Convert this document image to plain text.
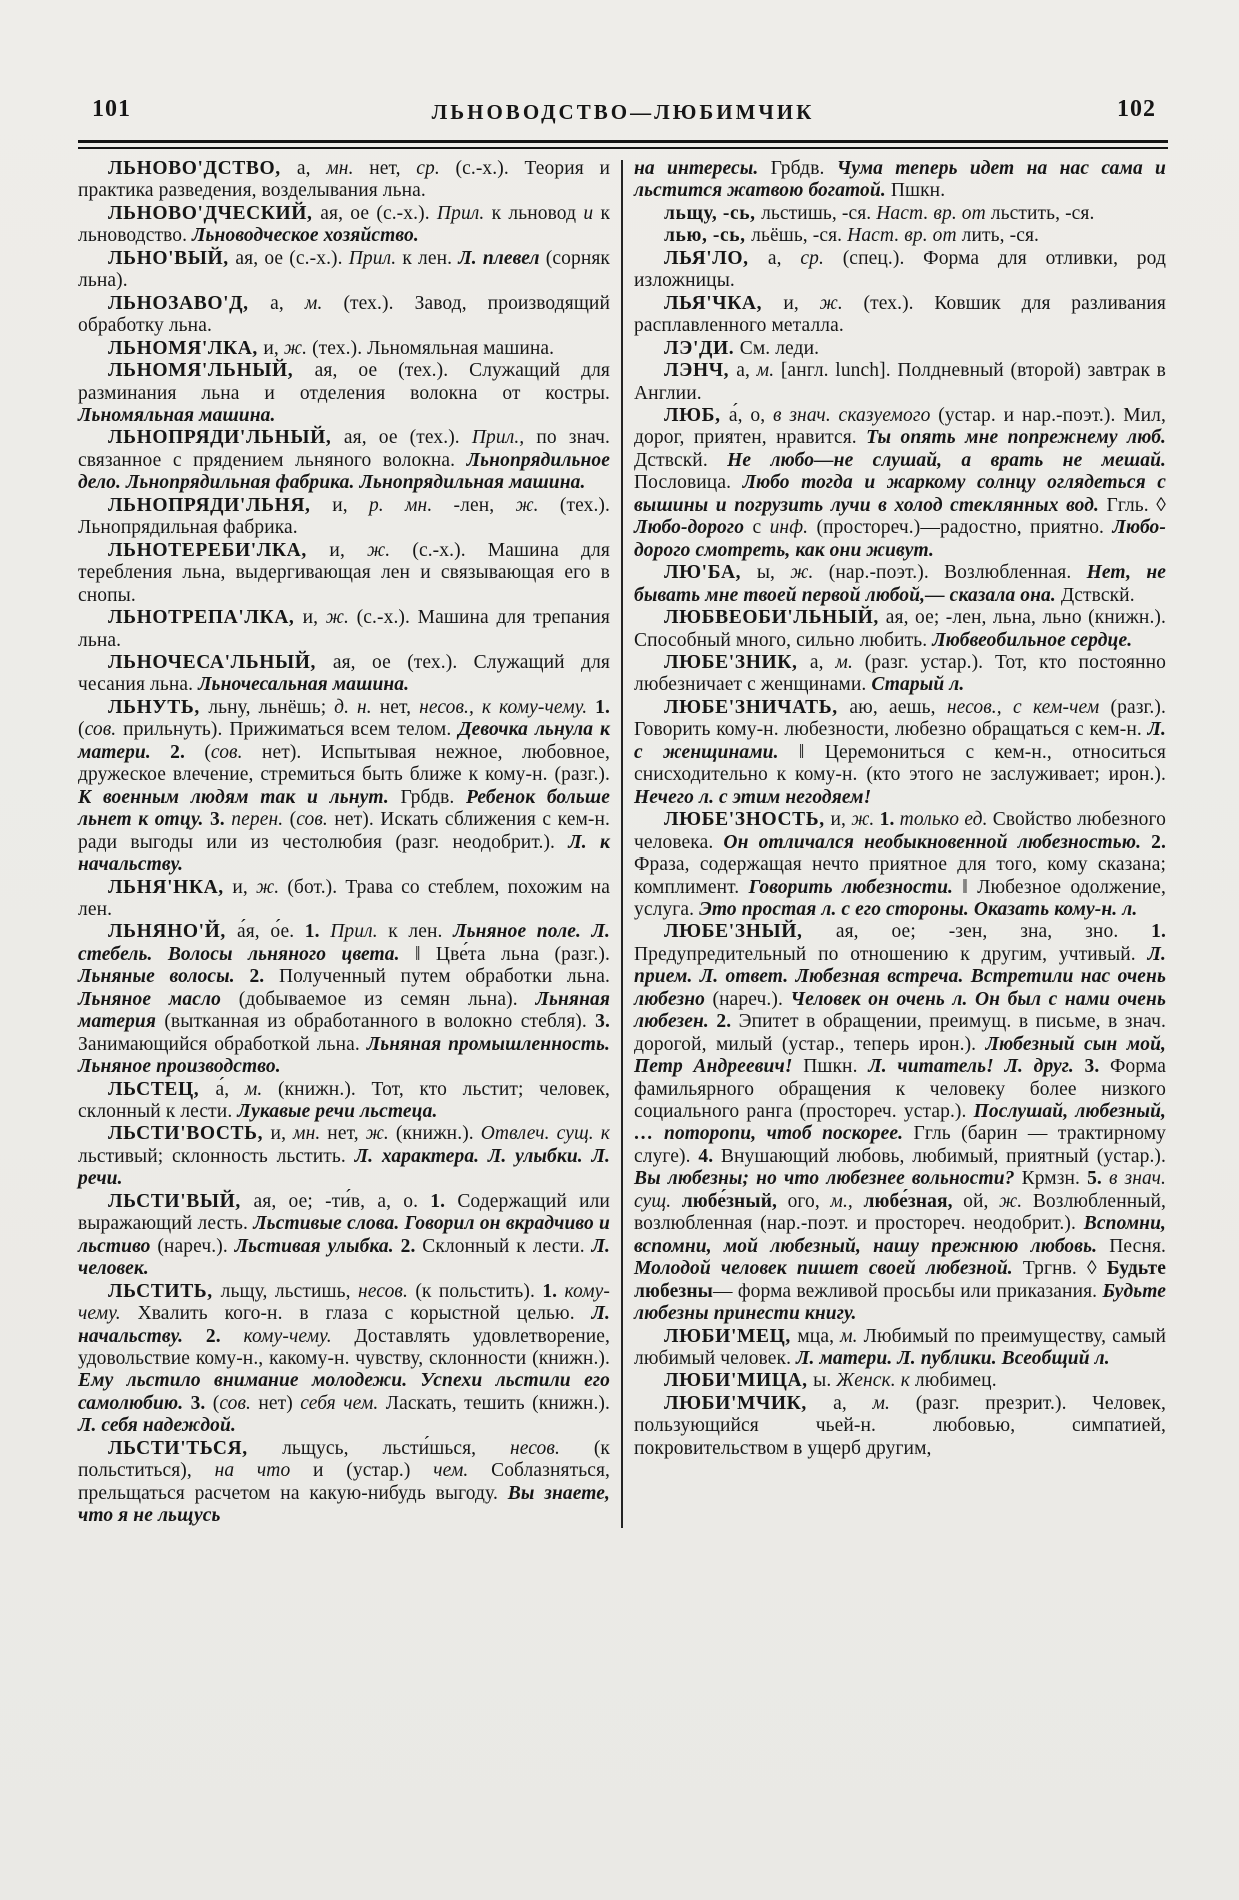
101	ЛЬНОВОДСТВО—ЛЮБИМЧИК	102

ЛЬНОВО'ДСТВО, а, мн. нет, ср. (с.-х.). Теория и практика разведения, возделывания льна.

ЛЬНОВО'ДЧЕСКИЙ, ая, ое (с.-х.). Прил. к льновод и к льноводство. Льноводческое хозяйство.

ЛЬНО'ВЫЙ, ая, ое (с.-х.). Прил. к лен. Л. плевел (сорняк льна).

ЛЬНОЗАВО'Д, а, м. (тех.). Завод, производящий обработку льна.

ЛЬНОМЯ'ЛКА, и, ж. (тех.). Льномяльная машина.

ЛЬНОМЯ'ЛЬНЫЙ, ая, ое (тех.). Служащий для разминания льна и отделения волокна от костры. Льномяльная машина.

ЛЬНОПРЯДИ'ЛЬНЫЙ, ая, ое (тех.). Прил., по знач. связанное с прядением льняного волокна. Льнопрядильное дело. Льнопрядильная фабрика. Льнопрядильная машина.

ЛЬНОПРЯДИ'ЛЬНЯ, и, р. мн. -лен, ж. (тех.). Льнопрядильная фабрика.

ЛЬНОТЕРЕБИ'ЛКА, и, ж. (с.-х.). Машина для теребления льна, выдергивающая лен и связывающая его в снопы.

ЛЬНОТРЕПА'ЛКА, и, ж. (с.-х.). Машина для трепания льна.

ЛЬНОЧЕСА'ЛЬНЫЙ, ая, ое (тех.). Служащий для чесания льна. Льночесальная машина.

ЛЬНУТЬ, льну, льнёшь; д. н. нет, несов., к кому-чему. 1. (сов. прильнуть). Прижиматься всем телом. Девочка льнула к матери. 2. (сов. нет). Испытывая нежное, любовное, дружеское влечение, стремиться быть ближе к кому-н. (разг.). К военным людям так и льнут. Грбдв. Ребенок больше льнет к отцу. 3. перен. (сов. нет). Искать сближения с кем-н. ради выгоды или из честолюбия (разг. неодобрит.). Л. к начальству.

ЛЬНЯ'НКА, и, ж. (бот.). Трава со стеблем, похожим на лен.

ЛЬНЯНО'Й, а́я, о́е. 1. Прил. к лен. Льняное поле. Л. стебель. Волосы льняного цвета. ‖ Цве́та льна (разг.). Льняные волосы. 2. Полученный путем обработки льна. Льняное масло (добываемое из семян льна). Льняная материя (вытканная из обработанного в волокно стебля). 3. Занимающийся обработкой льна. Льняная промышленность. Льняное производство.

ЛЬСТЕЦ, а́, м. (книжн.). Тот, кто льстит; человек, склонный к лести. Лукавые речи льстеца.

ЛЬСТИ'ВОСТЬ, и, мн. нет, ж. (книжн.). Отвлеч. сущ. к льстивый; склонность льстить. Л. характера. Л. улыбки. Л. речи.

ЛЬСТИ'ВЫЙ, ая, ое; -ти́в, а, о. 1. Содержащий или выражающий лесть. Льстивые слова. Говорил он вкрадчиво и льстиво (нареч.). Льстивая улыбка. 2. Склонный к лести. Л. человек.

ЛЬСТИТЬ, льщу, льстишь, несов. (к польстить). 1. кому-чему. Хвалить кого-н. в глаза с корыстной целью. Л. начальству. 2. кому-чему. Доставлять удовлетворение, удовольствие кому-н., какому-н. чувству, склонности (книжн.). Ему льстило внимание молодежи. Успехи льстили его самолюбию. 3. (сов. нет) себя чем. Ласкать, тешить (книжн.). Л. себя надеждой.

ЛЬСТИ'ТЬСЯ, льщусь, льсти́шься, несов. (к польститься), на что и (устар.) чем. Соблазняться, прельщаться расчетом на какую-нибудь выгоду. Вы знаете, что я не льщусь

на интересы. Грбдв. Чума теперь идет на нас сама и льстится жатвою богатой. Пшкн.

льщу, -сь, льстишь, -ся. Наст. вр. от льстить, -ся.

лью, -сь, льёшь, -ся. Наст. вр. от лить, -ся.

ЛЬЯ'ЛО, а, ср. (спец.). Форма для отливки, род изложницы.

ЛЬЯ'ЧКА, и, ж. (тех.). Ковшик для разливания расплавленного металла.

ЛЭ'ДИ. См. леди.

ЛЭНЧ, а, м. [англ. lunch]. Полдневный (второй) завтрак в Англии.

ЛЮБ, а́, о, в знач. сказуемого (устар. и нар.-поэт.). Мил, дорог, приятен, нравится. Ты опять мне попрежнему люб. Дствскй. Не любо—не слушай, а врать не мешай. Пословица. Любо тогда и жаркому солнцу оглядеться с вышины и погрузить лучи в холод стеклянных вод. Ггль. ◊ Любо-дорого с инф. (простореч.)—радостно, приятно. Любо-дорого смотреть, как они живут.

ЛЮ'БА, ы, ж. (нар.-поэт.). Возлюбленная. Нет, не бывать мне твоей первой любой,— сказала она. Дствскй.

ЛЮБВЕОБИ'ЛЬНЫЙ, ая, ое; -лен, льна, льно (книжн.). Способный много, сильно любить. Любвеобильное сердце.

ЛЮБЕ'ЗНИК, а, м. (разг. устар.). Тот, кто постоянно любезничает с женщинами. Старый л.

ЛЮБЕ'ЗНИЧАТЬ, аю, аешь, несов., с кем-чем (разг.). Говорить кому-н. любезности, любезно обращаться с кем-н. Л. с женщинами. ‖ Церемониться с кем-н., относиться снисходительно к кому-н. (кто этого не заслуживает; ирон.). Нечего л. с этим негодяем!

ЛЮБЕ'ЗНОСТЬ, и, ж. 1. только ед. Свойство любезного человека. Он отличался необыкновенной любезностью. 2. Фраза, содержащая нечто приятное для того, кому сказана; комплимент. Говорить любезности. ‖ Любезное одолжение, услуга. Это простая л. с его стороны. Оказать кому-н. л.

ЛЮБЕ'ЗНЫЙ, ая, ое; -зен, зна, зно. 1. Предупредительный по отношению к другим, учтивый. Л. прием. Л. ответ. Любезная встреча. Встретили нас очень любезно (нареч.). Человек он очень л. Он был с нами очень любезен. 2. Эпитет в обращении, преимущ. в письме, в знач. дорогой, милый (устар., теперь ирон.). Любезный сын мой, Петр Андреевич! Пшкн. Л. читатель! Л. друг. 3. Форма фамильярного обращения к человеку более низкого социального ранга (простореч. устар.). Послушай, любезный, … поторопи, чтоб поскорее. Ггль (барин — трактирному слуге). 4. Внушающий любовь, любимый, приятный (устар.). Вы любезны; но что любезнее вольности? Крмзн. 5. в знач. сущ. любе́зный, ого, м., любе́зная, ой, ж. Возлюбленный, возлюбленная (нар.-поэт. и простореч. неодобрит.). Вспомни, вспомни, мой любезный, нашу прежнюю любовь. Песня. Молодой человек пишет своей любезной. Тргнв. ◊ Будьте любезны— форма вежливой просьбы или приказания. Будьте любезны принести книгу.

ЛЮБИ'МЕЦ, мца, м. Любимый по преимуществу, самый любимый человек. Л. матери. Л. публики. Всеобщий л.

ЛЮБИ'МИЦА, ы. Женск. к любимец.

ЛЮБИ'МЧИК, а, м. (разг. презрит.). Человек, пользующийся чьей-н. любовью, симпатией, покровительством в ущерб другим,
